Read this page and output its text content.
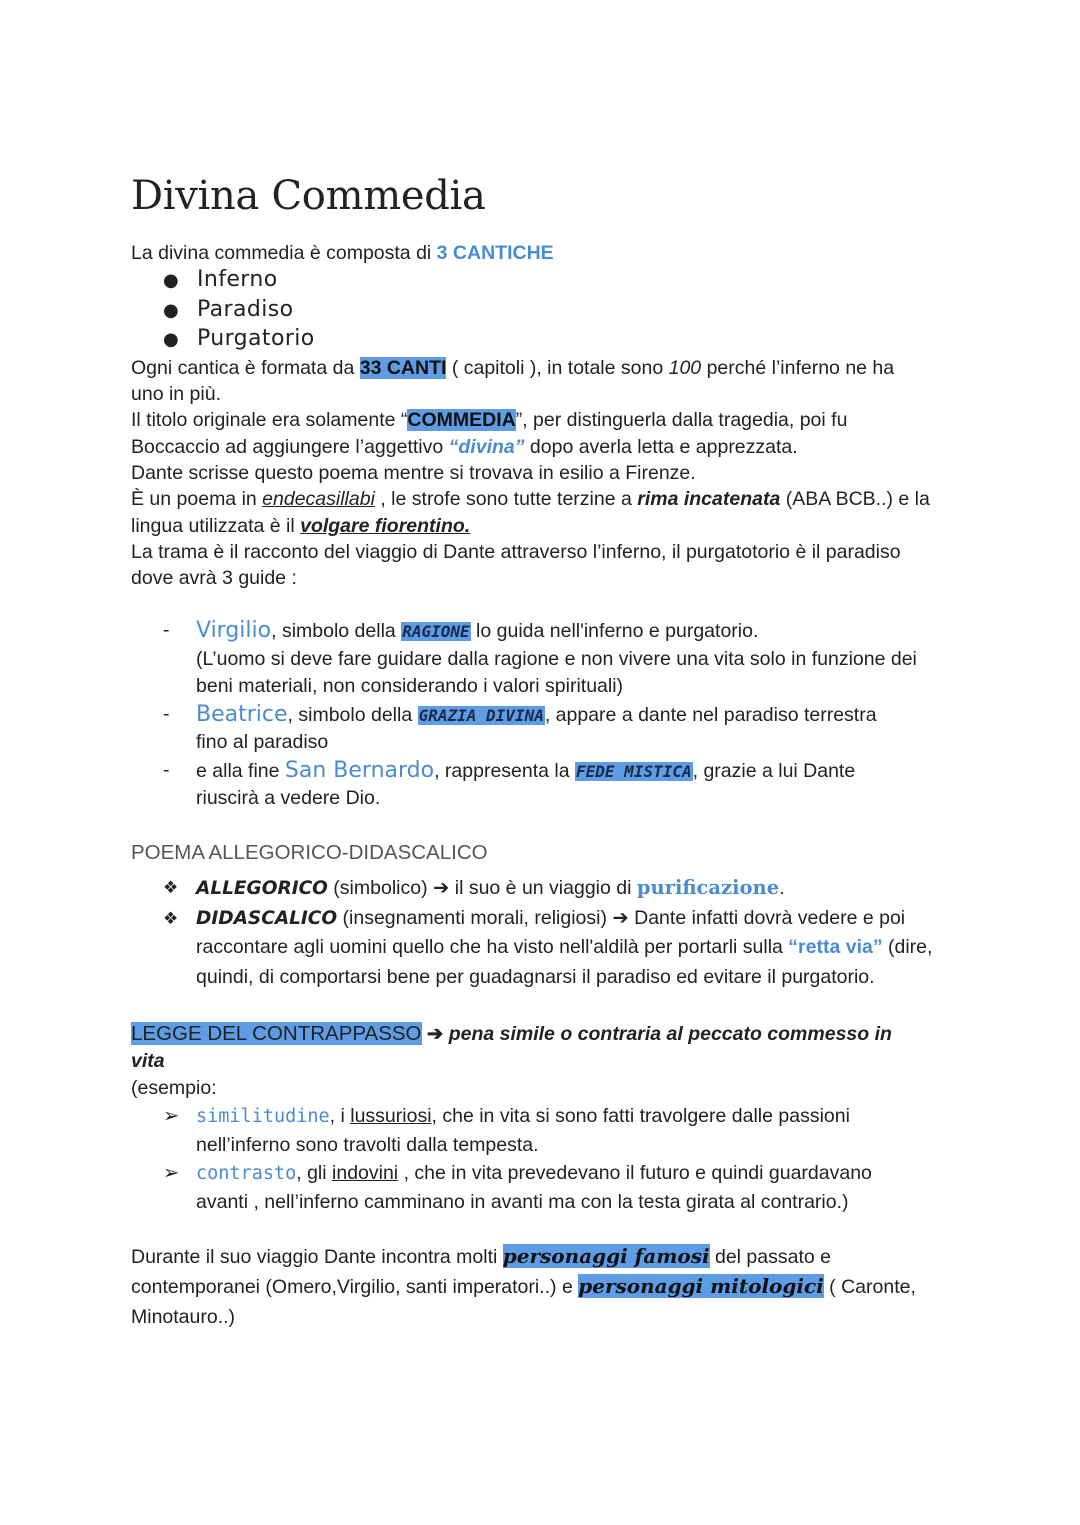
Divina Commedia

La divina commedia è composta di 3 CANTICHE

● Inferno
● Paradiso
● Purgatorio

Ogni cantica è formata da 33 CANTI ( capitoli ), in totale sono 100 perché l’inferno ne ha
uno in più.

Il titolo originale era solamente “COMMEDIA”, per distinguerla dalla tragedia, poi fu
Boccaccio ad aggiungere l’aggettivo “divina” dopo averla letta e apprezzata.

Dante scrisse questo poema mentre si trovava in esilio a Firenze.

È un poema in endecasillabi , le strofe sono tutte terzine a rima incatenata (ABA BCB..) e la
lingua utilizzata è il volgare fiorentino.

La trama è il racconto del viaggio di Dante attraverso l’inferno, il purgatotorio è il paradiso
dove avrà 3 guide :

- Virgilio, simbolo della RAGIONE lo guida nell'inferno e purgatorio.
(L’uomo si deve fare guidare dalla ragione e non vivere una vita solo in funzione dei
beni materiali, non considerando i valori spirituali)
- Beatrice, simbolo della GRAZIA DIVINA, appare a dante nel paradiso terrestra
fino al paradiso
- e alla fine San Bernardo, rappresenta la FEDE MISTICA, grazie a lui Dante
riuscirà a vedere Dio.

POEMA ALLEGORICO-DIDASCALICO

❖ ALLEGORICO (simbolico) ➔ il suo è un viaggio di purificazione.
❖ DIDASCALICO (insegnamenti morali, religiosi) ➔ Dante infatti dovrà vedere e poi
raccontare agli uomini quello che ha visto nell'aldilà per portarli sulla “retta via” (dire,
quindi, di comportarsi bene per guadagnarsi il paradiso ed evitare il purgatorio.

LEGGE DEL CONTRAPPASSO ➔ pena simile o contraria al peccato commesso in
vita

(esempio:

➢ similitudine, i lussuriosi, che in vita si sono fatti travolgere dalle passioni
nell’inferno sono travolti dalla tempesta.
➢ contrasto, gli indovini , che in vita prevedevano il futuro e quindi guardavano
avanti , nell’inferno camminano in avanti ma con la testa girata al contrario.)

Durante il suo viaggio Dante incontra molti personaggi famosi del passato e
contemporanei (Omero,Virgilio, santi imperatori..) e personaggi mitologici ( Caronte,
Minotauro..)
